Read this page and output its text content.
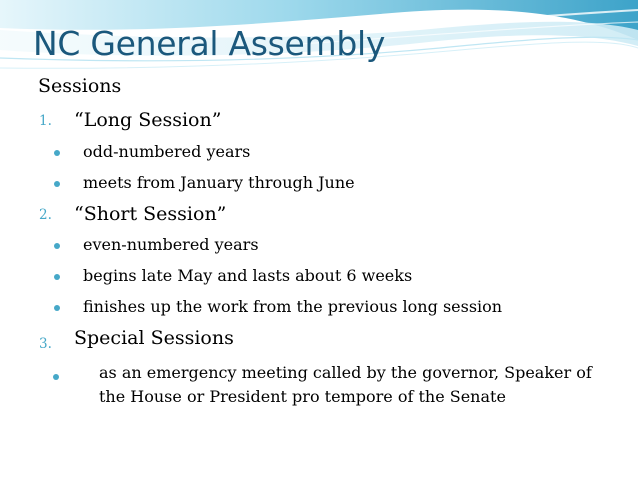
NC General Assembly
Sessions
1. “Long Session”
odd-numbered years
meets from January through June
2. “Short Session”
even-numbered years
begins late May and lasts about 6 weeks
finishes up the work from the previous long session
3. Special Sessions
as an emergency meeting called by the governor, Speaker of the House or President pro tempore of the Senate
